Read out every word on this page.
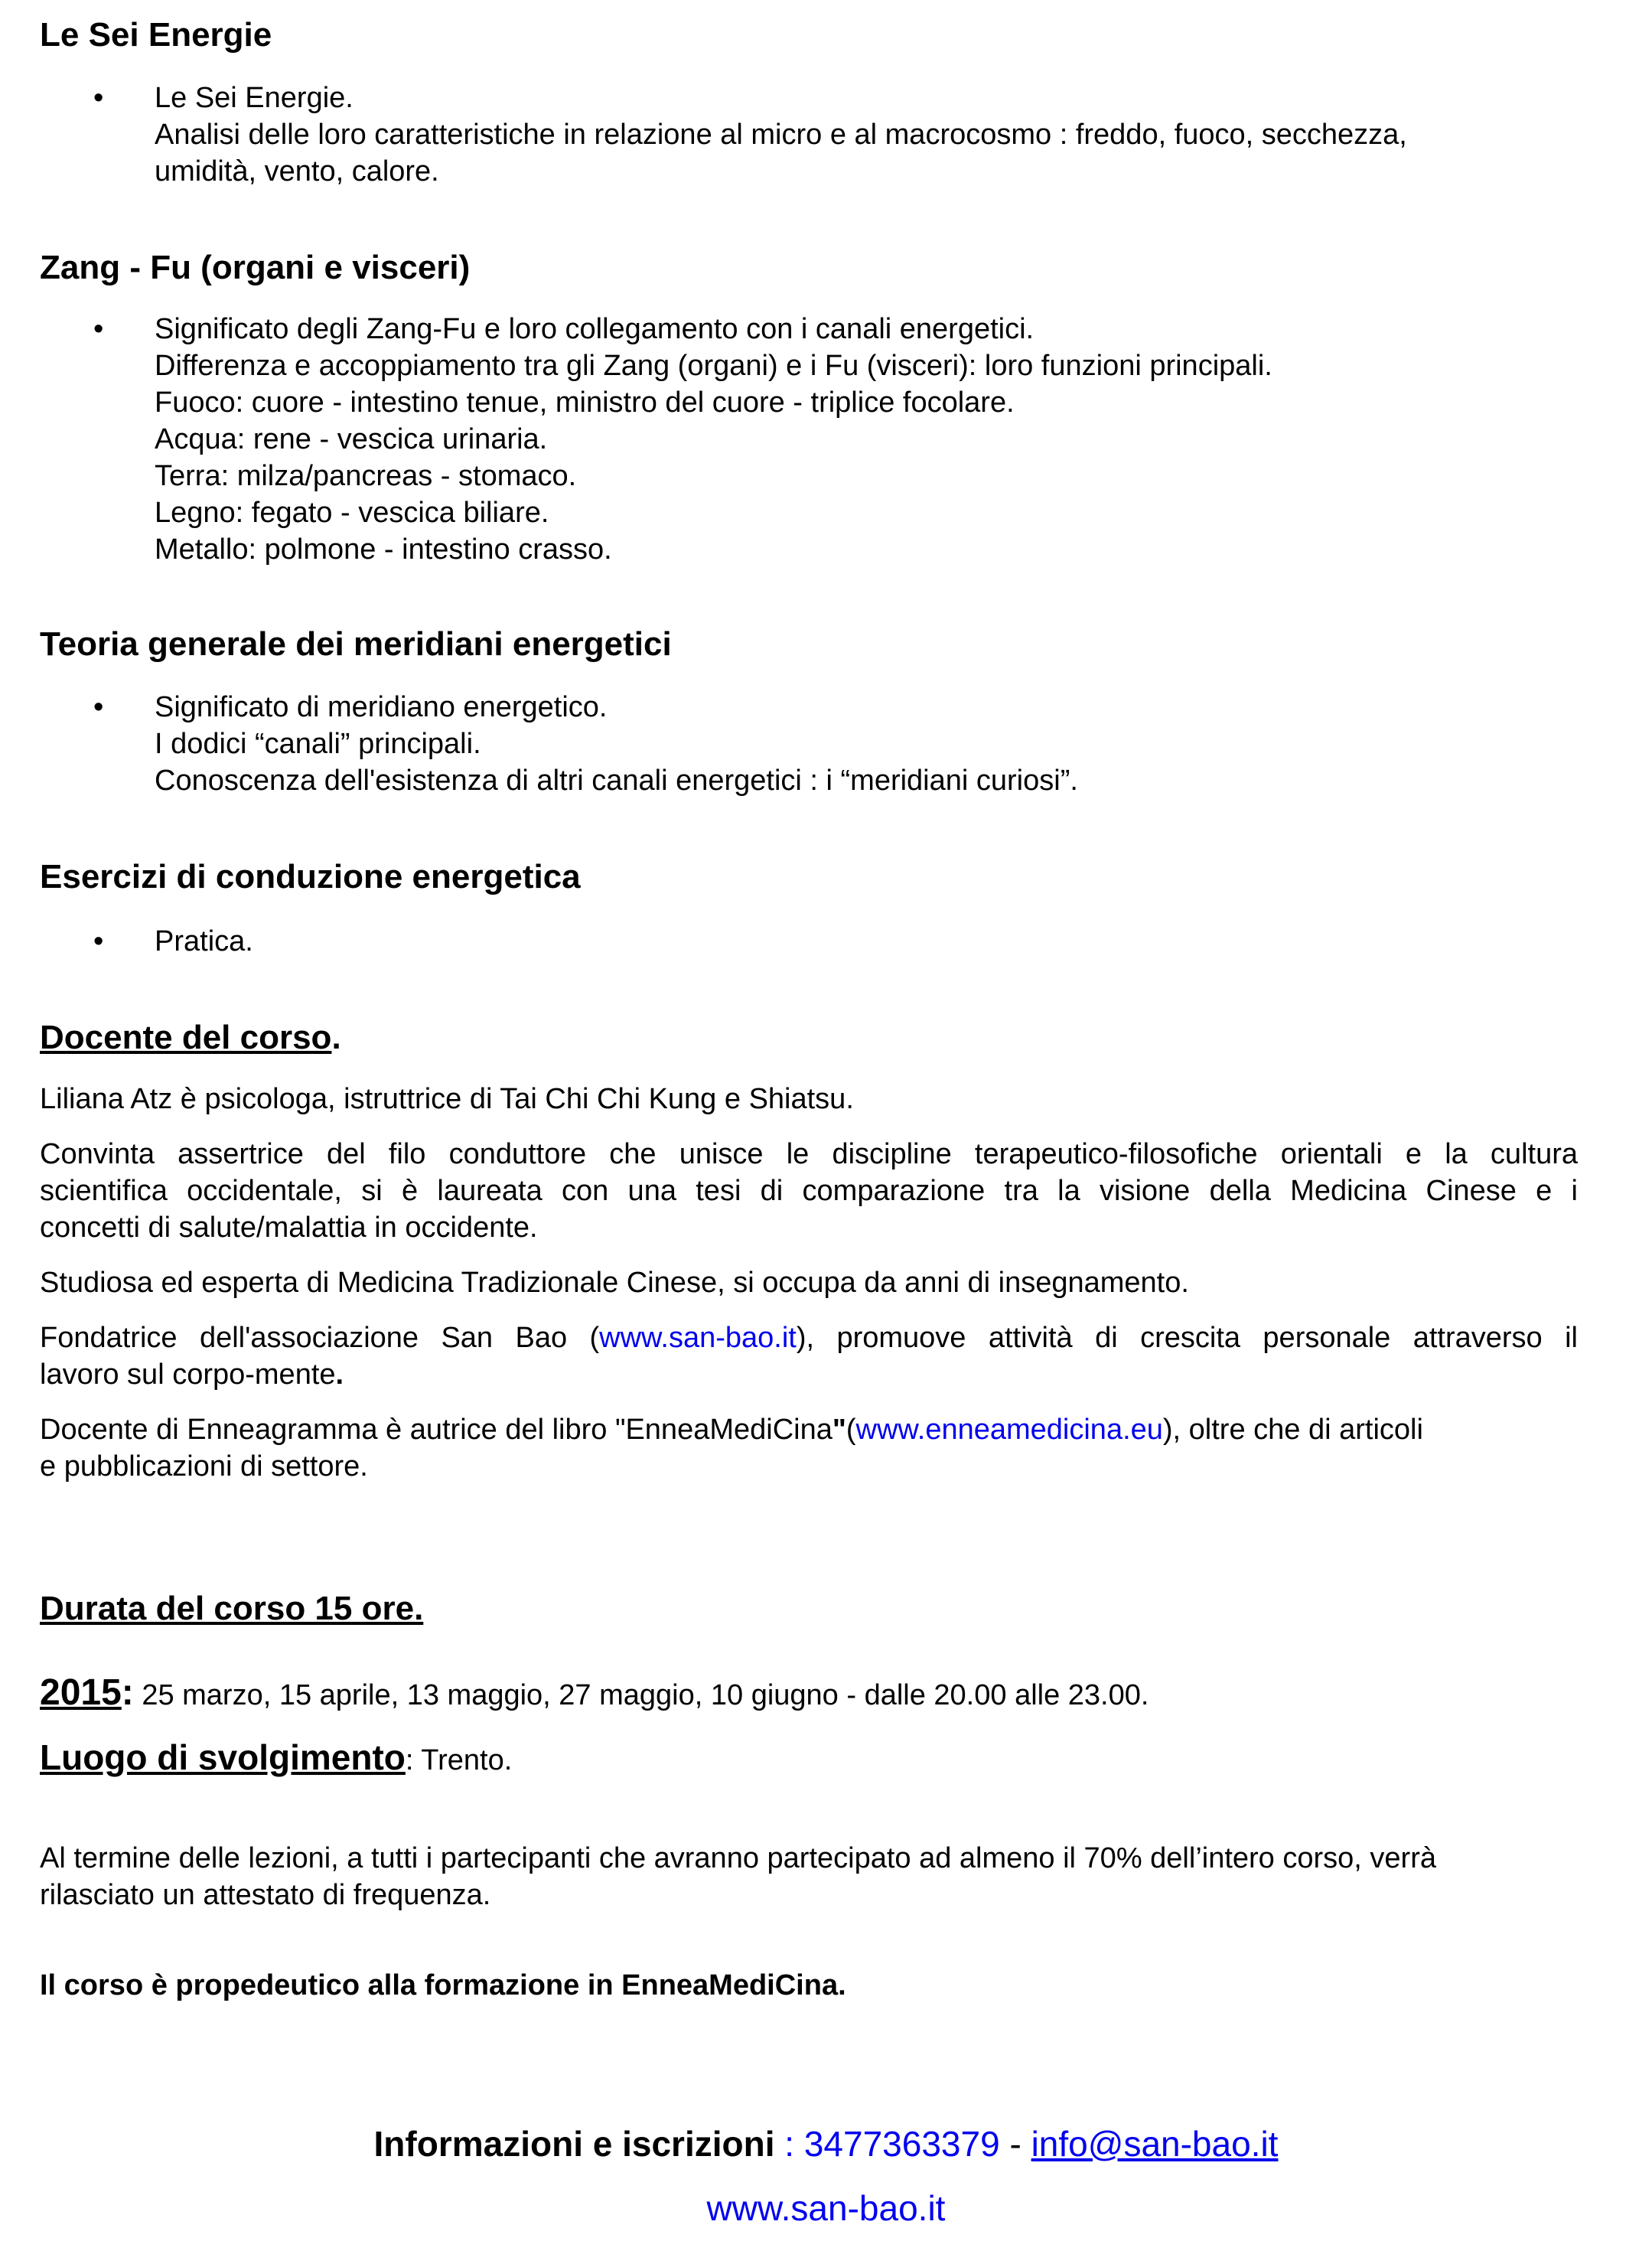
Le Sei Energie
• Le Sei Energie.
Analisi delle loro caratteristiche in relazione al micro e al macrocosmo : freddo, fuoco, secchezza,
umidità, vento, calore.
Zang - Fu (organi e visceri)
• Significato degli Zang-Fu e loro collegamento con i canali energetici.
Differenza e accoppiamento tra gli Zang (organi) e i Fu (visceri): loro funzioni principali.
Fuoco: cuore - intestino tenue, ministro del cuore - triplice focolare.
Acqua: rene - vescica urinaria.
Terra: milza/pancreas - stomaco.
Legno: fegato - vescica biliare.
Metallo: polmone - intestino crasso.
Teoria generale dei meridiani energetici
• Significato di meridiano energetico.
I dodici “canali” principali.
Conoscenza dell'esistenza di altri canali energetici : i “meridiani curiosi”.
Esercizi di conduzione energetica
• Pratica.
Docente del corso.
Liliana Atz è psicologa, istruttrice di Tai Chi Chi Kung e Shiatsu.
Convinta assertrice del filo conduttore che unisce le discipline terapeutico-filosofiche orientali e la cultura
scientifica occidentale, si è laureata con una tesi di comparazione tra la visione della Medicina Cinese e i
concetti di salute/malattia in occidente.
Studiosa ed esperta di Medicina Tradizionale Cinese, si occupa da anni di insegnamento.
Fondatrice dell'associazione San Bao (www.san-bao.it), promuove attività di crescita personale attraverso il
lavoro sul corpo-mente.
Docente di Enneagramma è autrice del libro "EnneaMediCina"(www.enneamedicina.eu), oltre che di articoli
e pubblicazioni di settore.
Durata del corso 15 ore.
2015: 25 marzo, 15 aprile, 13 maggio, 27 maggio, 10 giugno - dalle 20.00 alle 23.00.
Luogo di svolgimento: Trento.
Al termine delle lezioni, a tutti i partecipanti che avranno partecipato ad almeno il 70% dell’intero corso, verrà
rilasciato un attestato di frequenza.
Il corso è propedeutico alla formazione in EnneaMediCina.
Informazioni e iscrizioni : 3477363379 - info@san-bao.it
www.san-bao.it
